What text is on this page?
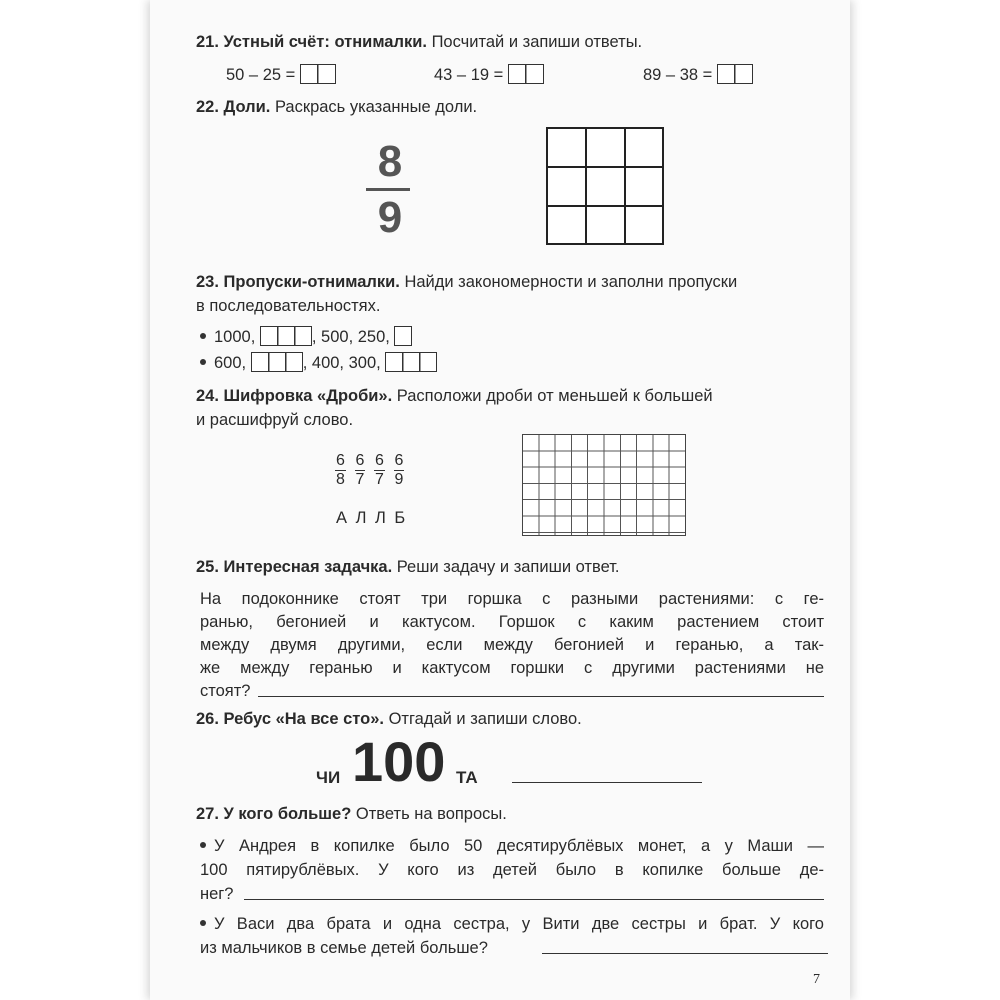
21. Устный счёт: отнималки. Посчитай и запиши ответы.
50 – 25 =	43 – 19 =	89 – 38 =
22. Доли. Раскрась указанные доли.
8
9
23. Пропуски-отнималки. Найди закономерности и заполни пропуски
в последовательностях.
1000,	, 500, 250,
600,	, 400, 300,
24. Шифровка «Дроби». Расположи дроби от меньшей к большей
и расшифруй слово.
$\frac{6}{8}$
$\frac{6}{7}$
$\frac{6}{7}$
$\frac{6}{9}$
А Л Л Б
25. Интересная задачка. Реши задачу и запиши ответ.
На подоконнике стоят три горшка с разными растениями: с ге-
ранью, бегонией и кактусом. Горшок с каким растением стоит
между двумя другими, если между бегонией и геранью, а так-
же между геранью и кактусом горшки с другими растениями не
стоят?
26. Ребус «На все сто». Отгадай и запиши слово.
ЧИ 100 ТА
27. У кого больше? Ответь на вопросы.
У Андрея в копилке было 50 десятирублёвых монет, а у Маши —
100 пятирублёвых. У кого из детей было в копилке больше де-
нег?
У Васи два брата и одна сестра, у Вити две сестры и брат. У кого
из мальчиков в семье детей больше?
7
